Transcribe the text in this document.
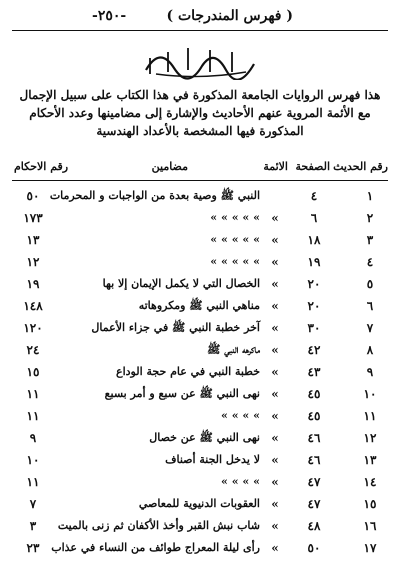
( فهرس المندرجات )
-٢٥٠-
هذا فهرس الروايات الجامعة المذكورة في هذا الكتاب على سبيل الإجمال
مع الأئمة المروية عنهم الأحاديث والإشارة إلى مضامينها وعدد الأحكام
المذكورة فيها المشخصة بالأعداد الهندسية
رقم الحديث
الصفحة
الائمة
مضامين
رقم الاحكام
١
٤
النبي ﷺ وصية بعدة من الواجبات و المحرمات
٥٠
٢
٦
»
» » » » »
١٧٣
٣
١٨
»
» » » » »
١٣
٤
١٩
»
» » » » »
١٢
٥
٢٠
»
الخصال التي لا يكمل الإيمان إلا بها
١٩
٦
٢٠
»
مناهي النبي ﷺ ومكروهاته
١٤٨
٧
٣٠
»
آخر خطبة النبي ﷺ في جزاء الأعمال
١٢٠
٨
٤٢
»
ماكرهه النبي ﷺ
٢٤
٩
٤٣
»
خطبة النبي في عام حجة الوداع
١٥
١٠
٤٥
»
نهى النبي ﷺ عن سبع و أمر بسبع
١١
١١
٤٥
»
» » » »
١١
١٢
٤٦
»
نهى النبي ﷺ عن خصال
٩
١٣
٤٦
»
لا يدخل الجنة أصناف
١٠
١٤
٤٧
»
» » » »
١١
١٥
٤٧
»
العقوبات الدنيوية للمعاصي
٧
١٦
٤٨
»
شاب نبش القبر وأخذ الأكفان ثم زنى بالميت
٣
١٧
٥٠
»
رأى ليلة المعراج طوائف من النساء في عذاب
٢٣
